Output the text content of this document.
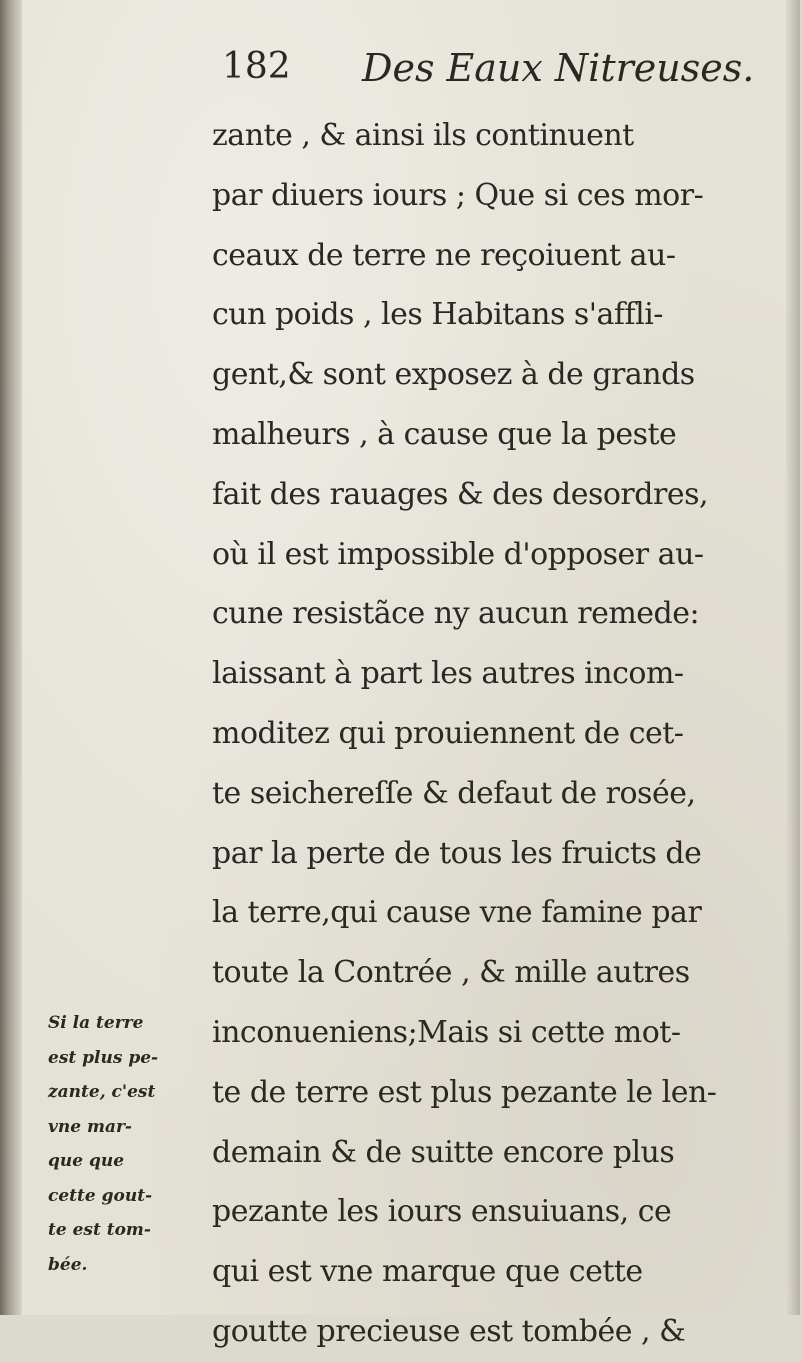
182 Des Eaux Nitreuses.
zante , & ainsi ils continuent
par diuers iours ; Que si ces mor-
ceaux de terre ne reçoiuent au-
cun poids , les Habitans s'affli-
gent,& sont exposez à de grands
malheurs , à cause que la peste
fait des rauages & des desordres,
où il est impossible d'opposer au-
cune resistãce ny aucun remede:
laissant à part les autres incom-
moditez qui prouiennent de cet-
te seichereſſe & defaut de rosée,
par la perte de tous les fruicts de
la terre,qui cause vne famine par
toute la Contrée , & mille autres
inconueniens;Mais si cette mot-
te de terre est plus pezante le len-
demain & de suitte encore plus
pezante les iours ensuiuans, ce
qui est vne marque que cette
goutte precieuse est tombée , &
Si la terre
est plus pe-
zante, c'est
vne mar-
que que
cette gout-
te est tom-
bée.
